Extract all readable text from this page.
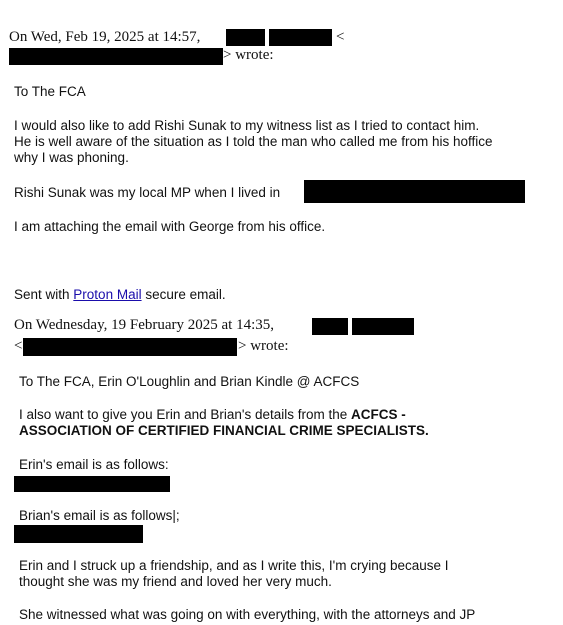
On Wed, Feb 19, 2025 at 14:57,	<
> wrote:
To The FCA
I would also like to add Rishi Sunak to my witness list as I tried to contact him.
He is well aware of the situation as I told the man who called me from his hoffice
why I was phoning.
Rishi Sunak was my local MP when I lived in
I am attaching the email with George from his office.
Sent with Proton Mail secure email.
On Wednesday, 19 February 2025 at 14:35,
<	> wrote:
To The FCA, Erin O'Loughlin and Brian Kindle @ ACFCS
I also want to give you Erin and Brian's details from the ACFCS -
ASSOCIATION OF CERTIFIED FINANCIAL CRIME SPECIALISTS.
Erin's email is as follows:
Brian's email is as follows|;
Erin and I struck up a friendship, and as I write this, I'm crying because I
thought she was my friend and loved her very much.
She witnessed what was going on with everything, with the attorneys and JP
